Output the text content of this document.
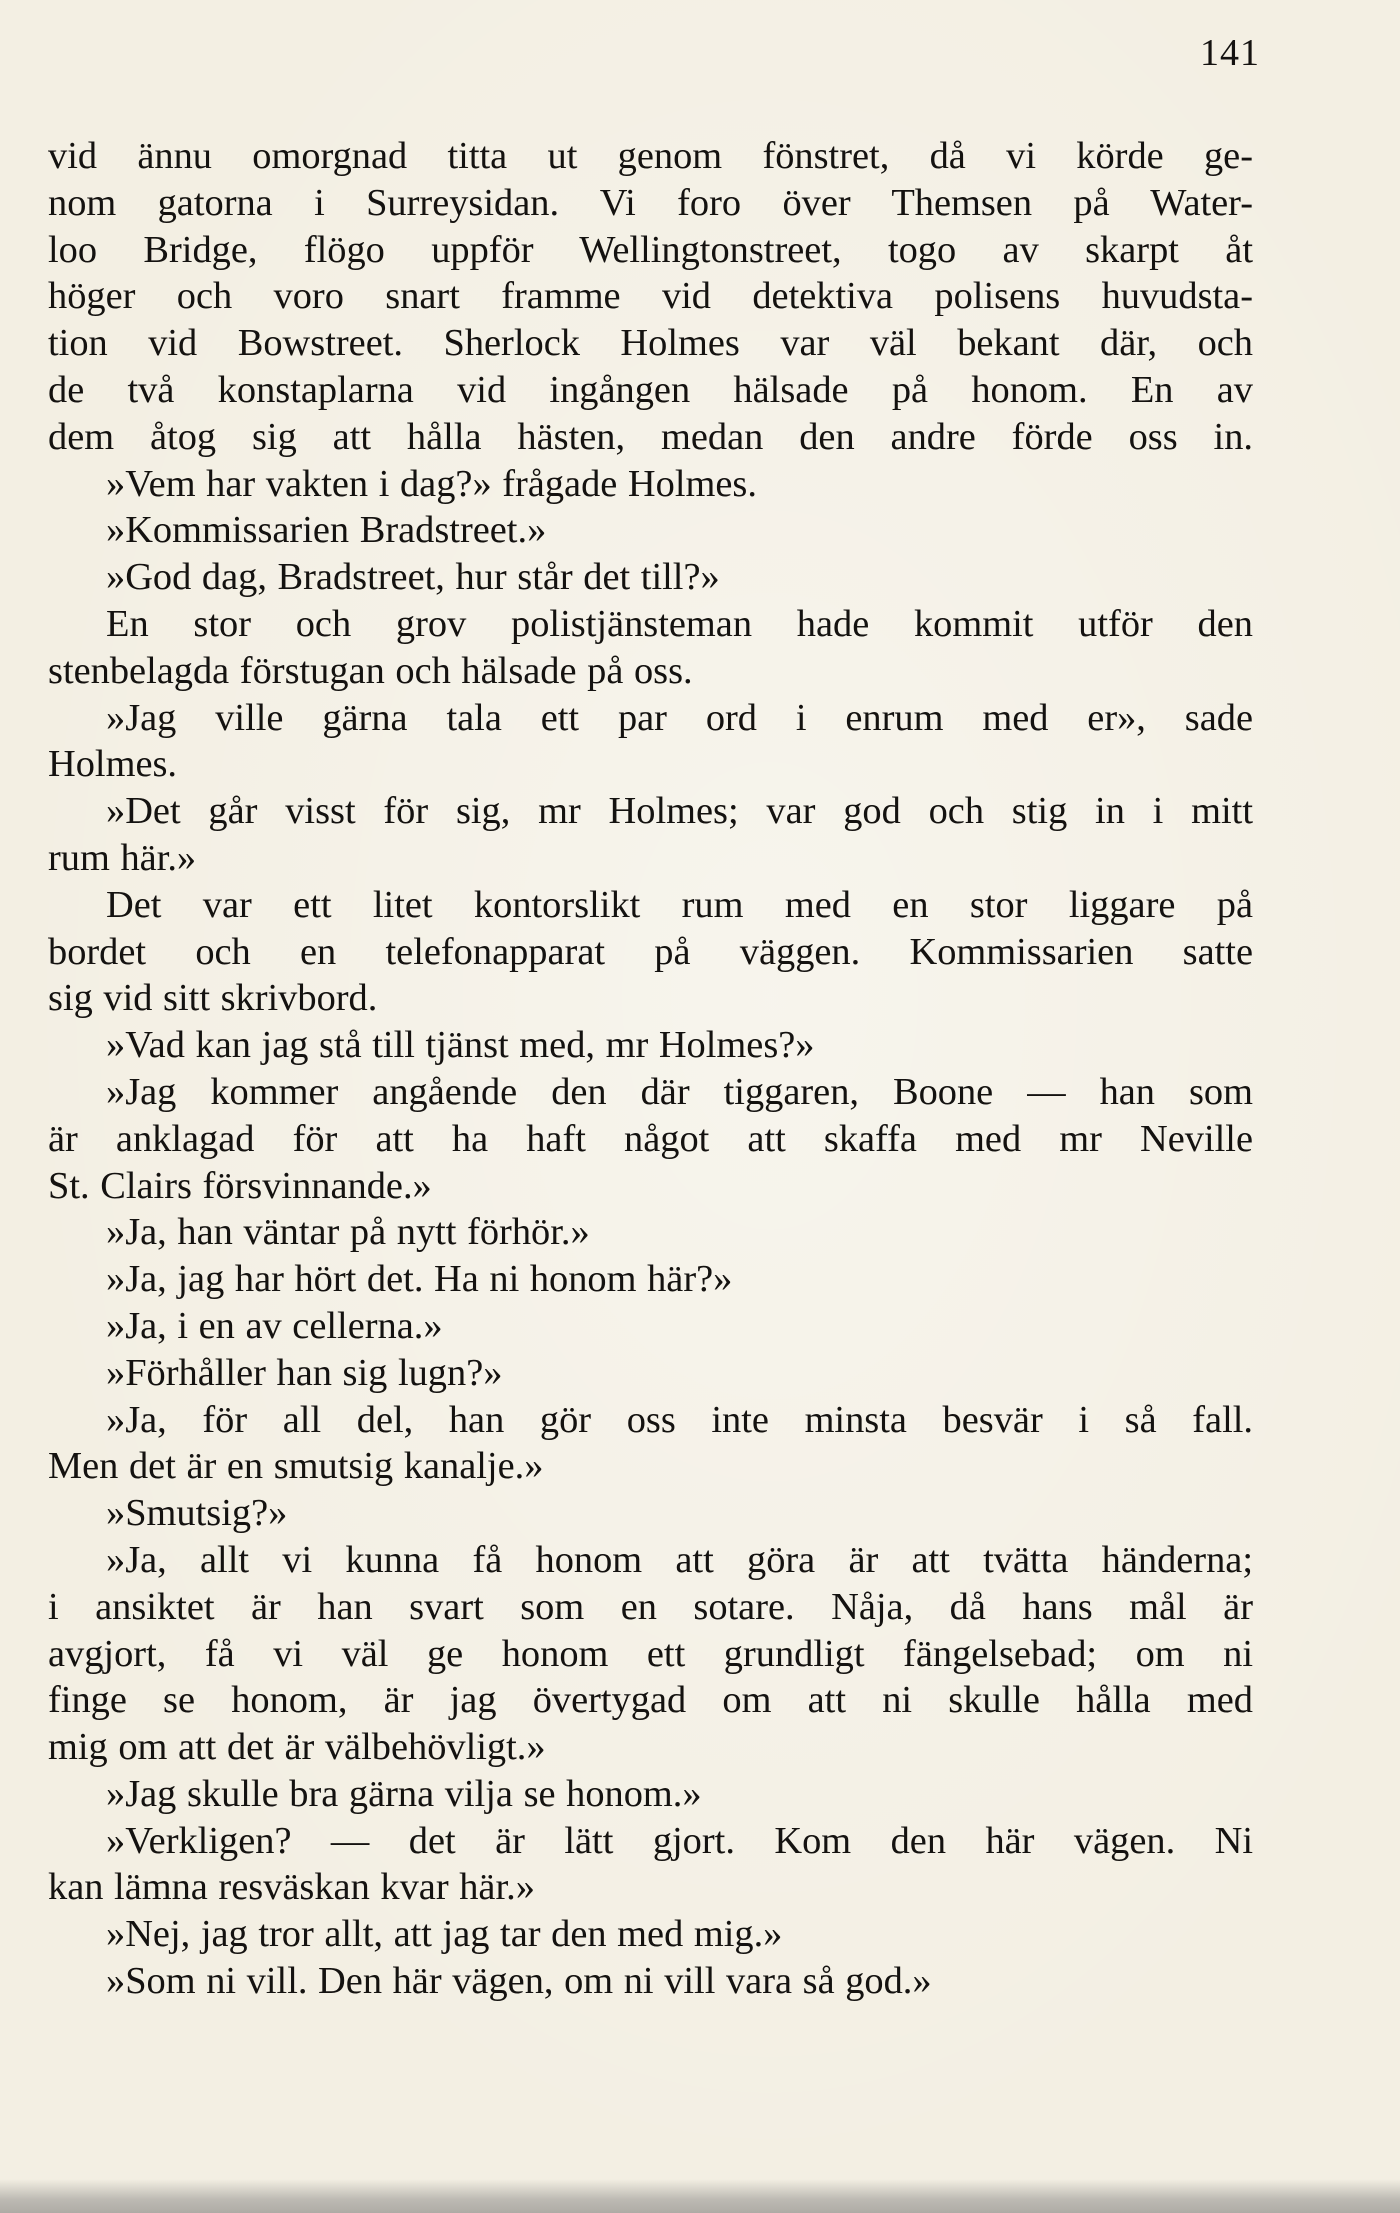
141
vid ännu omorgnad titta ut genom fönstret, då vi körde ge-
nom gatorna i Surreysidan. Vi foro över Themsen på Water-
loo Bridge, flögo uppför Wellingtonstreet, togo av skarpt åt
höger och voro snart framme vid detektiva polisens huvudsta-
tion vid Bowstreet. Sherlock Holmes var väl bekant där, och
de två konstaplarna vid ingången hälsade på honom. En av
dem åtog sig att hålla hästen, medan den andre förde oss in.
»Vem har vakten i dag?» frågade Holmes.
»Kommissarien Bradstreet.»
»God dag, Bradstreet, hur står det till?»
En stor och grov polistjänsteman hade kommit utför den
stenbelagda förstugan och hälsade på oss.
»Jag ville gärna tala ett par ord i enrum med er», sade
Holmes.
»Det går visst för sig, mr Holmes; var god och stig in i mitt
rum här.»
Det var ett litet kontorslikt rum med en stor liggare på
bordet och en telefonapparat på väggen. Kommissarien satte
sig vid sitt skrivbord.
»Vad kan jag stå till tjänst med, mr Holmes?»
»Jag kommer angående den där tiggaren, Boone — han som
är anklagad för att ha haft något att skaffa med mr Neville
St. Clairs försvinnande.»
»Ja, han väntar på nytt förhör.»
»Ja, jag har hört det. Ha ni honom här?»
»Ja, i en av cellerna.»
»Förhåller han sig lugn?»
»Ja, för all del, han gör oss inte minsta besvär i så fall.
Men det är en smutsig kanalje.»
»Smutsig?»
»Ja, allt vi kunna få honom att göra är att tvätta händerna;
i ansiktet är han svart som en sotare. Nåja, då hans mål är
avgjort, få vi väl ge honom ett grundligt fängelsebad; om ni
finge se honom, är jag övertygad om att ni skulle hålla med
mig om att det är välbehövligt.»
»Jag skulle bra gärna vilja se honom.»
»Verkligen? — det är lätt gjort. Kom den här vägen. Ni
kan lämna resväskan kvar här.»
»Nej, jag tror allt, att jag tar den med mig.»
»Som ni vill. Den här vägen, om ni vill vara så god.»
